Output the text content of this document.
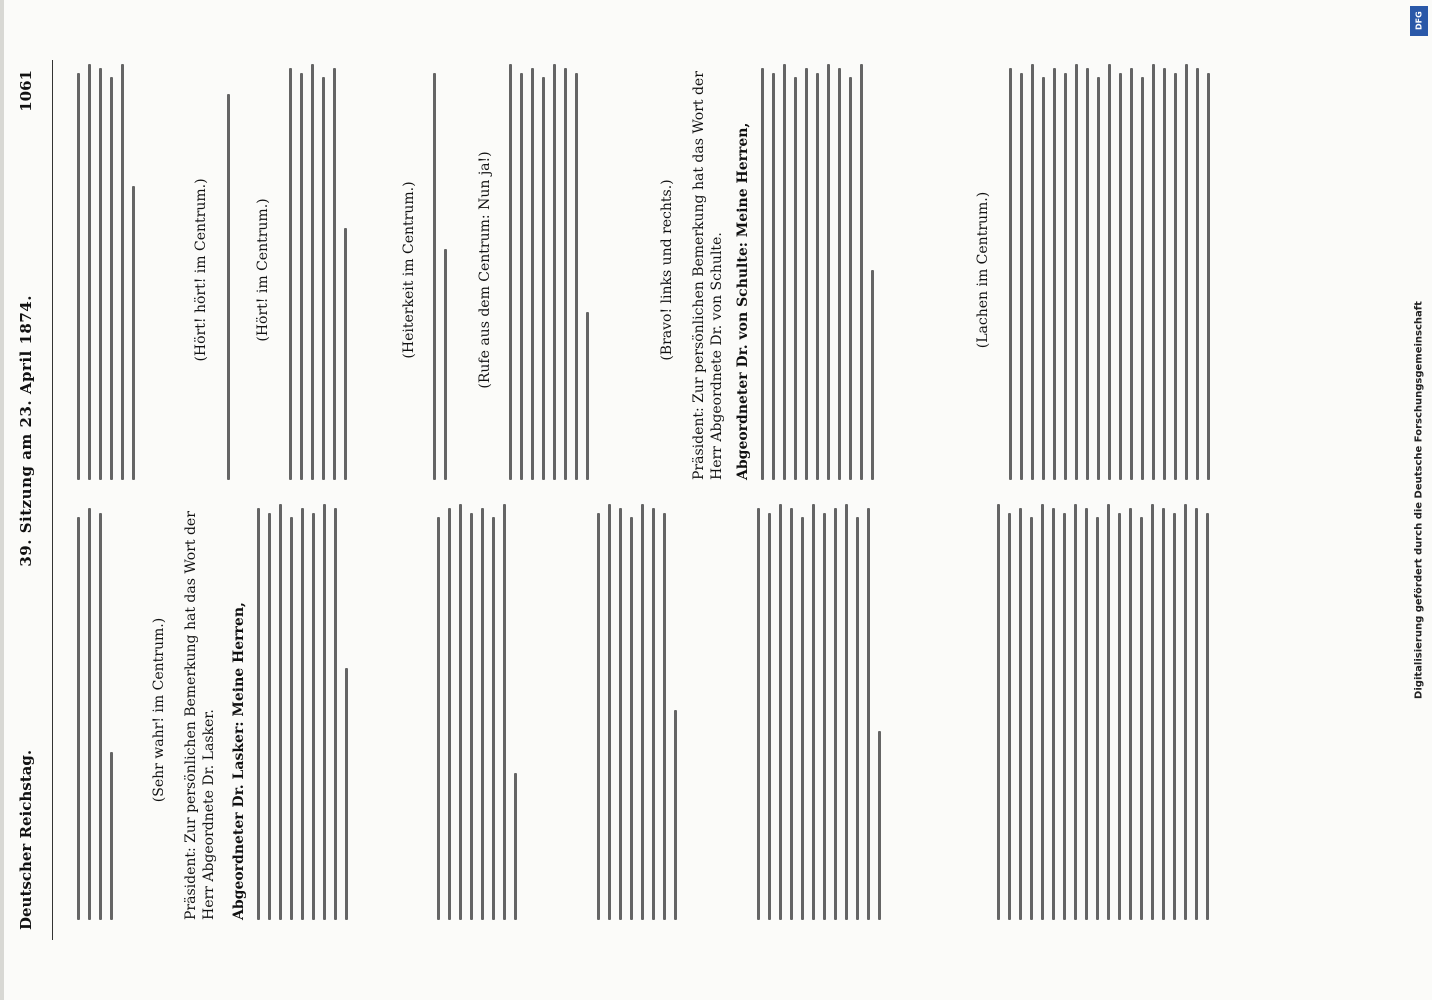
Deutscher Reichstag.
39. Sitzung am 23. April 1874.
1061
(Sehr wahr! im Centrum.) Präsident: Zur persönlichen Bemerkung hat das Wort der Herr Abgeordnete Dr. Lasker. Abgeordneter Dr. Lasker: Meine Herren,
(Hört! hört! im Centrum.)	(Hört! im Centrum.)	(Heiterkeit im Centrum.)	(Rufe aus dem Centrum: Nun ja!)	(Bravo! links und rechts.) Präsident: Zur persönlichen Bemerkung hat das Wort der Herr Abgeordnete Dr. von Schulte. Abgeordneter Dr. von Schulte: Meine Herren,	(Lachen im Centrum.)
DFG
Digitalisierung gefördert durch die Deutsche Forschungsgemeinschaft
